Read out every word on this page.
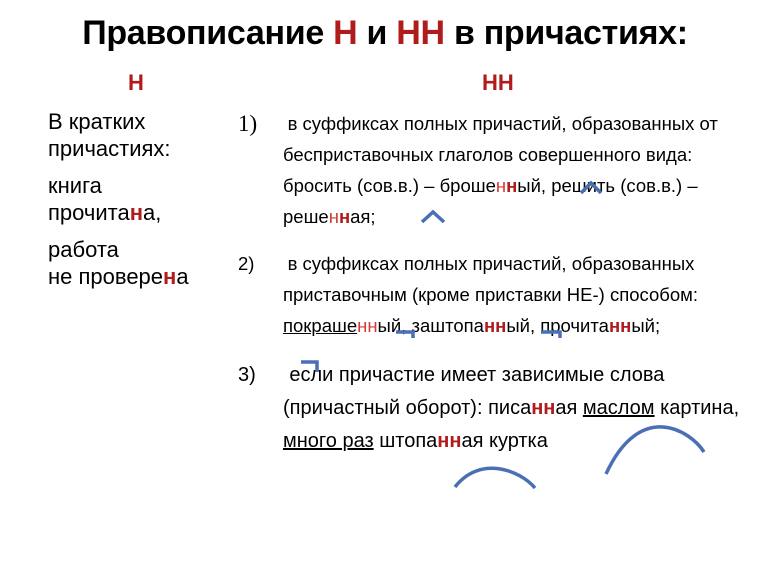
Правописание Н и НН в причастиях:
Н	НН

В кратких
причастиях:

книга
прочитана,

работа
не проверена

1)	в суффиксах полных причастий, образованных от бесприставочных глаголов совершенного вида: бросить (сов.в.) – брошенный, решить (сов.в.) – решенная;
2)	в суффиксах полных причастий, образованных приставочным (кроме приставки НЕ-) способом: покрашенный, заштопанный, прочитанный;
3)	если причастие имеет зависимые слова (причастный оборот): писанная маслом картина, много раз штопанная куртка
